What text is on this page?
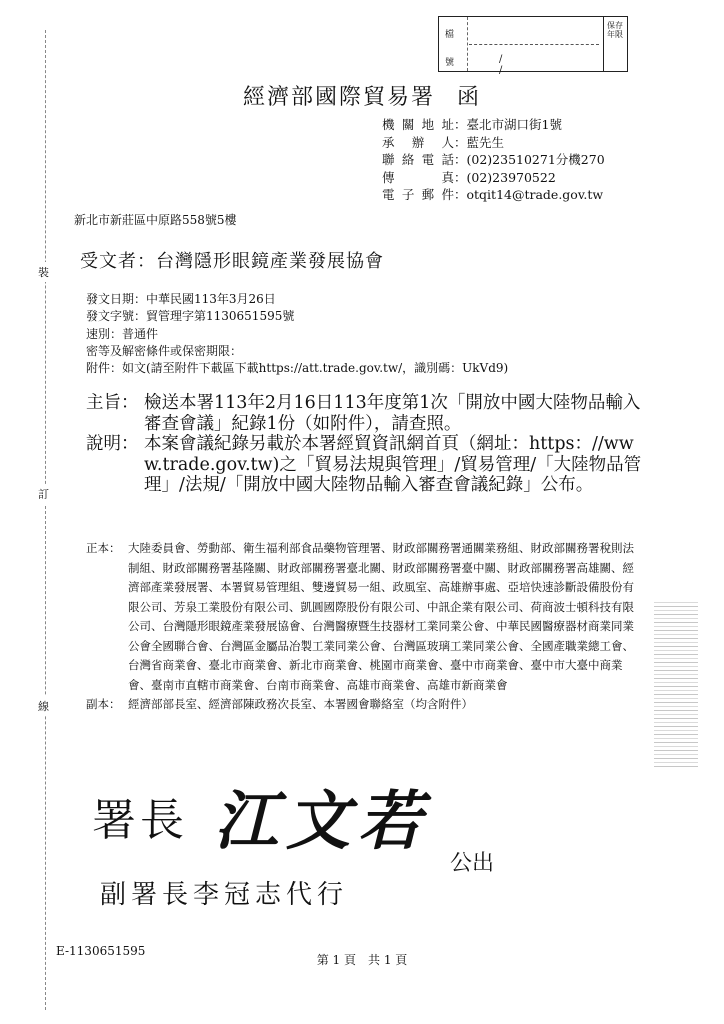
檔
號	/ /
保存年限
裝
訂
線
經濟部國際貿易署 函
機關地址 ：臺北市湖口街1號
承辦人 ：藍先生
聯絡電話 ：(02)23510271分機270
傳真 ：(02)23970522
電子郵件 ：otqit14@trade.gov.tw
新北市新莊區中原路558號5樓
受文者：台灣隱形眼鏡產業發展協會
發文日期：中華民國113年3月26日
發文字號：貿管理字第1130651595號
速別：普通件
密等及解密條件或保密期限：
附件：如文(請至附件下載區下載https://att.trade.gov.tw/，識別碼：UkVd9)
主旨： 檢送本署113年2月16日113年度第1次「開放中國大陸物品輸入審查會議」紀錄1份（如附件），請查照。
說明： 本案會議紀錄另載於本署經貿資訊網首頁（網址：https：//www.trade.gov.tw)之「貿易法規與管理」/貿易管理/「大陸物品管理」/法規/「開放中國大陸物品輸入審查會議紀錄」公布。
正本： 大陸委員會、勞動部、衛生福利部食品藥物管理署、財政部關務署通關業務組、財政部關務署稅則法制組、財政部關務署基隆關、財政部關務署臺北關、財政部關務署臺中關、財政部關務署高雄關、經濟部產業發展署、本署貿易管理組、雙邊貿易一組、政風室、高雄辦事處、亞培快速診斷設備股份有限公司、芳泉工業股份有限公司、凱圓國際股份有限公司、中訊企業有限公司、荷商波士頓科技有限公司、台灣隱形眼鏡產業發展協會、台灣醫療暨生技器材工業同業公會、中華民國醫療器材商業同業公會全國聯合會、台灣區金屬品冶製工業同業公會、台灣區玻璃工業同業公會、全國產職業總工會、台灣省商業會、臺北市商業會、新北市商業會、桃園市商業會、臺中市商業會、臺中市大臺中商業會、臺南市直轄市商業會、台南市商業會、高雄市商業會、高雄市新商業會
副本： 經濟部部長室、經濟部陳政務次長室、本署國會聯絡室（均含附件）
署長 江文若
公出
副署長李冠志代行
E-1130651595
第 1 頁　共 1 頁
